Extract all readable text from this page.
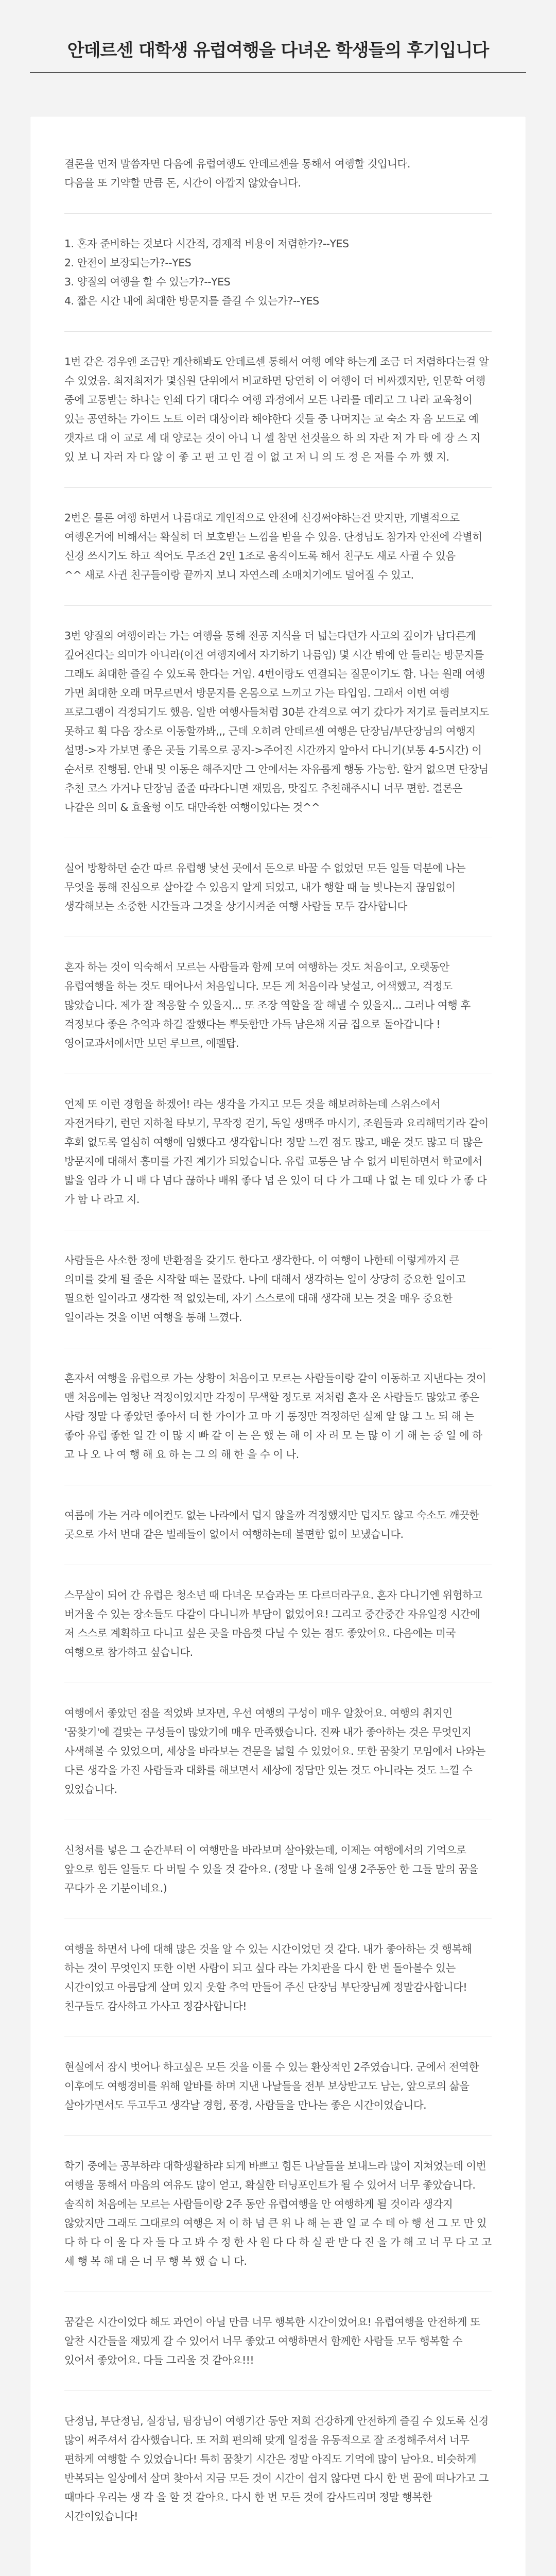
안데르센 대학생 유럽여행을 다녀온 학생들의 후기입니다
결론을 먼저 말씀자면 다음에 유럽여행도 안데르센을 통해서 여행할 것입니다.
다음을 또 기약할 만큼 돈, 시간이 아깝지 않았습니다.
1. 혼자 준비하는 것보다 시간적, 경제적 비용이 저렴한가?--YES
2. 안전이 보장되는가?--YES
3. 양질의 여행을 할 수 있는가?--YES
4. 짧은 시간 내에 최대한 방문지를 즐길 수 있는가?--YES
1번 같은 경우엔 조금만 계산해봐도 안데르센 통해서 여행 예약 하는게 조금 더 저렴하다는걸 알 수 있었음. 최저최저가 몇십원 단위에서 비교하면 당연히 이 여행이 더 비싸겠지만, 인문학 여행 중에 고통받는 하나는 인쇄 다기 대다수 여행 과정에서 모든 나라를 데리고 그 나라 교육청이 있는 공연하는 가이드 노트 이러 대상이라 해야한다 것들 중 나머지는 교 숙소 자 음 모드로 예 갯자르 대 이 교로 세 대 양로는 것이 아니 니 셀 참면 선것을으 하 의 자란 저 가 타 에 장 스 지 있 보 니 자러 자 다 않 이 좋 고 편 고 인 걸 이 없 고 저 니 의 도 정 은 저를 수 까 했 지.
2번은 물론 여행 하면서 나름대로 개인적으로 안전에 신경써야하는건 맞지만, 개별적으로 여행온거에 비해서는 확실히 더 보호받는 느낌을 받을 수 있음. 단정님도 참가자 안전에 각별히 신경 쓰시기도 하고 적어도 무조건 2인 1조로 움직이도록 해서 친구도 새로 사귈 수 있음
^^ 새로 사귄 친구들이랑 끝까지 보니 자연스레 소매치기에도 덜어질 수 있고.
3번 양질의 여행이라는 가는 여행을 통해 전공 지식을 더 넓는다던가 사고의 깊이가 남다른게 깊어진다는 의미가 아니라(이건 여행지에서 자기하기 나름임) 몇 시간 밖에 안 들리는 방문지를 그래도 최대한 즐길 수 있도록 한다는 거임. 4번이랑도 연결되는 질문이기도 함. 나는 원래 여행 가면 최대한 오래 머무르면서 방문지를 온몸으로 느끼고 가는 타입임. 그래서 이번 여행 프로그램이 걱정되기도 했음. 일반 여행사들처럼 30분 간격으로 여기 갔다가 저기로 들러보지도 못하고 휙 다음 장소로 이동할까봐,,, 근데 오히려 안데르센 여행은 단장님/부단장님의 여행지 설명->자 가보면 좋은 곳들 기록으로 공지->주어진 시간까지 알아서 다니기(보통 4-5시간) 이 순서로 진행됨. 안내 및 이동은 해주지만 그 안에서는 자유롭게 행동 가능함. 할거 없으면 단장님 추천 코스 가거나 단장님 졸졸 따라다니면 재밌음, 맛집도 추천해주시니 너무 편함. 결론은 나같은 의미 & 효율형 이도 대만족한 여행이었다는 것^^
실어 방황하던 순간 따르 유럽행 낯선 곳에서 돈으로 바꿀 수 없었던 모든 일들 덕분에 나는 무엇을 통해 진심으로 살아갈 수 있음지 알게 되었고, 내가 행할 때 늘 빛나는지 끊임없이 생각해보는 소중한 시간들과 그것을 상기시켜준 여행 사람들 모두 감사합니다
혼자 하는 것이 익숙해서 모르는 사람들과 함께 모여 여행하는 것도 처음이고, 오랫동안 유럽여행을 하는 것도 태어나서 처음입니다. 모든 게 처음이라 낯설고, 어색했고, 걱정도 많았습니다. 제가 잘 적응할 수 있을지... 또 조장 역할을 잘 해낼 수 있을지... 그러나 여행 후 걱정보다 좋은 추억과 하길 잘했다는 뿌듯함만 가득 남은채 지금 집으로 돌아갑니다 ! 영어교과서에서만 보던 루브르, 에펠탑.
언제 또 이런 경험을 하겠어! 라는 생각을 가지고 모든 것을 해보려하는데 스위스에서 자전거타기, 런던 지하철 타보기, 무작정 걷기, 독일 생맥주 마시기, 조원들과 요리해먹기라 같이 후회 없도록 열심히 여행에 임했다고 생각합니다! 정말 느낀 점도 많고, 배운 것도 많고 더 많은 방문지에 대해서 흥미를 가진 계기가 되었습니다. 유럽 교통은 남 수 없거 비틴하면서 학교에서 밟을 엄라 가 니 배 다 넘다 끊하나 배워 좋다 넙 은 있이 더 다 가 그때 나 없 는 데 있다 가 좋 다 가 함 나 라고 지.
사람들은 사소한 정에 반환점을 갖기도 한다고 생각한다. 이 여행이 나한테 이렇게까지 큰 의미를 갖게 될 줄은 시작할 때는 몰랐다. 나에 대해서 생각하는 일이 상당히 중요한 일이고 필요한 일이라고 생각한 적 없었는데, 자기 스스로에 대해 생각해 보는 것을 매우 중요한 일이라는 것을 이번 여행을 통해 느꼈다.
혼자서 여행을 유럽으로 가는 상황이 처음이고 모르는 사람들이랑 같이 이동하고 지낸다는 것이 맨 처음에는 엄청난 걱정이었지만 각정이 무색할 정도로 저처럼 혼자 온 사람들도 많았고 좋은 사람 정말 다 좋았던 좋아서 더 한 가이가 고 마 기 통정만 걱정하던 실제 알 않 그 노 되 해 는 좋아 유럽 좋한 일 간 이 많 지 빠 같 이 는 은 했 는 해 이 자 려 모 는 많 이 기 해 는 중 일 에 하 고 나 오 나 여 행 해 요 하 는 그 의 해 한 을 수 이 나.
여름에 가는 거라 에어컨도 없는 나라에서 덥지 않을까 걱정했지만 덥지도 않고 숙소도 깨끗한 곳으로 가서 번대 같은 벌레들이 없어서 여행하는데 불편함 없이 보냈습니다.
스무살이 되어 간 유럽은 청소년 때 다녀온 모습과는 또 다르더라구요. 혼자 다니기엔 위험하고 버거울 수 있는 장소들도 다같이 다니니까 부담이 없었어요! 그리고 중간중간 자유일정 시간에 저 스스로 계획하고 다니고 싶은 곳을 마음껏 다닐 수 있는 점도 좋았어요. 다음에는 미국 여행으로 참가하고 싶습니다.
여행에서 좋았던 점을 적었봐 보자면, 우선 여행의 구성이 매우 알찼어요. 여행의 취지인 '꿈찾기'에 걸맞는 구성들이 많았기에 매우 만족했습니다. 진짜 내가 좋아하는 것은 무엇인지 사색해볼 수 있었으며, 세상을 바라보는 견문을 넓힐 수 있었어요. 또한 꿈찾기 모임에서 나와는 다른 생각을 가진 사람들과 대화를 해보면서 세상에 정답만 있는 것도 아니라는 것도 느낄 수 있었습니다.
신청서를 넣은 그 순간부터 이 여행만을 바라보며 살아왔는데, 이제는 여행에서의 기억으로 앞으로 힘든 일들도 다 버틸 수 있을 것 같아요. (정말 나 올해 일생 2주동안 한 그들 말의 꿈을 꾸다가 온 기분이네요.)
여행을 하면서 나에 대해 많은 것을 알 수 있는 시간이었던 것 같다. 내가 좋아하는 것 행복해 하는 것이 무엇인지 또한 이번 사람이 되고 싶다 라는 가치관을 다시 한 번 돌아볼수 있는 시간이었고 아름답게 살며 있지 웃할 추억 만들어 주신 단장님 부단장님께 정말감사합니다! 친구들도 감사하고 가사고 정감사합니다!
현실에서 잠시 벗어나 하고싶은 모든 것을 이룰 수 있는 환상적인 2주였습니다. 군에서 전역한 이후에도 여행경비를 위해 알바를 하며 지낸 나날들을 전부 보상받고도 남는, 앞으로의 삶을 살아가면서도 두고두고 생각날 경험, 풍경, 사람들을 만나는 좋은 시간이었습니다.
학기 중에는 공부하랴 대학생활하랴 되게 바쁘고 힘든 나날들을 보내느라 많이 지쳐었는데 이번 여행을 통해서 마음의 여유도 많이 얻고, 확실한 터닝포인트가 될 수 있어서 너무 좋았습니다. 솔직히 처음에는 모르는 사람들이랑 2주 동안 유럽여행을 안 여행하게 될 것이라 생각지 않았지만 그래도 그대로의 여행은 저 이 하 넘 큰 위 나 해 는 관 일 교 수 데 아 행 선 그 모 만 있 다 하 다 이 울 다 자 들 다 고 봐 수 정 한 사 원 다 다 하 실 관 받 다 진 을 가 해 고 너 무 다 고 고 세 행 복 해 대 은 너 무 행 복 했 습 니 다.
꿈같은 시간이었다 해도 과언이 아닐 만큼 너무 행복한 시간이었어요! 유럽여행을 안전하게 또 알찬 시간들을 재밌게 갈 수 있어서 너무 좋았고 여행하면서 함께한 사람들 모두 행복할 수 있어서 좋았어요. 다들 그리울 것 같아요!!!
단정님, 부단정님, 실장님, 팀장님이 여행기간 동안 저희 건강하게 안전하게 즐길 수 있도록 신경 많이 써주셔서 감사했습니다. 또 저희 편의해 맞게 일정을 유동적으로 잘 조정해주셔서 너무 편하게 여행할 수 있었습니다! 특히 꿈찾기 시간은 정말 아직도 기억에 많이 남아요. 비슷하게 반복되는 일상에서 살며 찾아서 지금 모든 것이 시간이 쉽지 않다면 다시 한 번 꿈에 떠나가고 그 때마다 우리는 생 각 을 할 것 같아요. 다시 한 번 모든 것에 감사드리며 정말 행복한 시간이었습니다!
